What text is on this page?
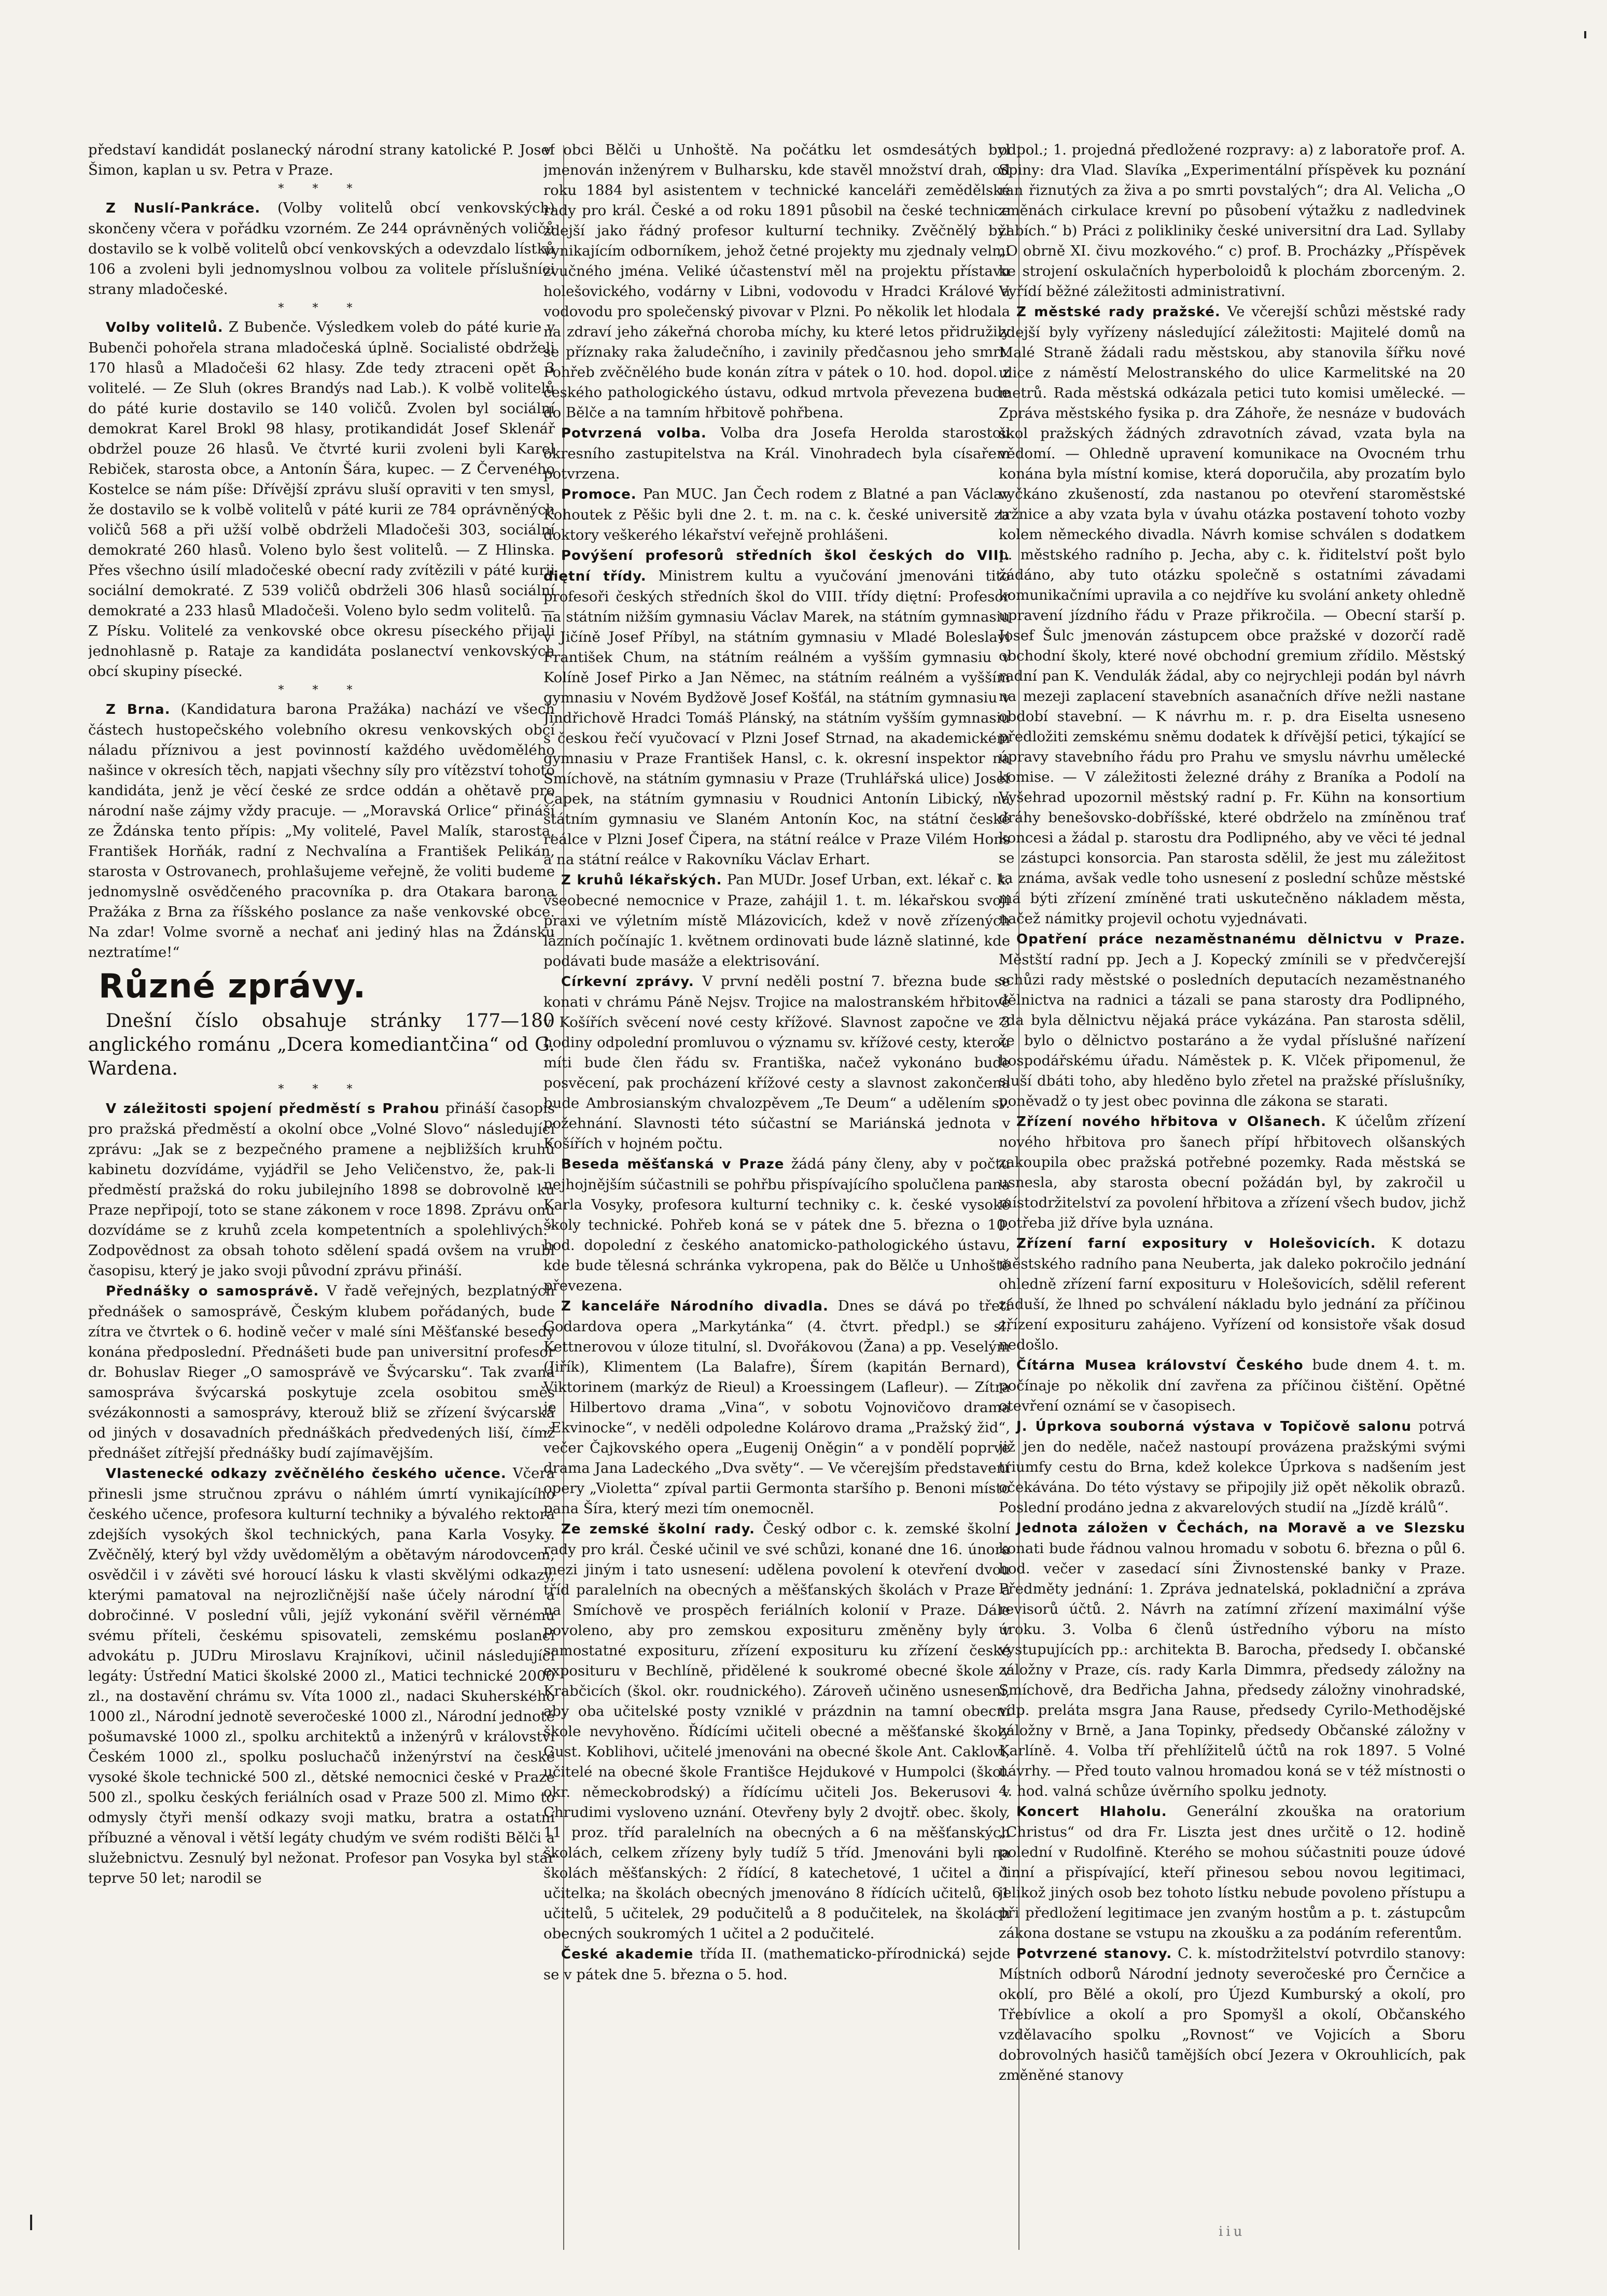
představí kandidát poslanecký národní strany katolické P. Josef Šimon, kaplan u sv. Petra v Praze.

* * *

Z Nuslí-Pankráce. (Volby volitelů obcí venkovských) skončeny včera v pořádku vzorném. Ze 244 oprávněných voličů dostavilo se k volbě volitelů obcí venkovských a odevzdalo lístků 106 a zvoleni byli jednomyslnou volbou za volitele příslušníci strany mladočeské.

* * *

Volby volitelů. Z Bubenče. Výsledkem voleb do páté kurie v Bubenči pohořela strana mladočeská úplně. Socialisté obdrželi 170 hlasů a Mladočeši 62 hlasy. Zde tedy ztraceni opět 3 volitelé. — Ze Sluh (okres Brandýs nad Lab.). K volbě volitelů do páté kurie dostavilo se 140 voličů. Zvolen byl sociální demokrat Karel Brokl 98 hlasy, protikandidát Josef Sklenář obdržel pouze 26 hlasů. Ve čtvrté kurii zvoleni byli Karel Rebiček, starosta obce, a Antonín Šára, kupec. — Z Červeného Kostelce se nám píše: Dřívější zprávu sluší opraviti v ten smysl, že dostavilo se k volbě volitelů v páté kurii ze 784 oprávněných voličů 568 a při užší volbě obdrželi Mladočeši 303, sociální demokraté 260 hlasů. Voleno bylo šest volitelů. — Z Hlinska. Přes všechno úsilí mladočeské obecní rady zvítězili v páté kurii sociální demokraté. Z 539 voličů obdrželi 306 hlasů sociální demokraté a 233 hlasů Mladočeši. Voleno bylo sedm volitelů. — Z Písku. Volitelé za venkovské obce okresu píseckého přijali jednohlasně p. Rataje za kandidáta poslanectví venkovských obcí skupiny písecké.

* * *

Z Brna. (Kandidatura barona Pražáka) nachází ve všech částech hustopečského volebního okresu venkovských obcí náladu příznivou a jest povinností každého uvědomělého našince v okresích těch, napjati všechny síly pro vítězství tohoto kandidáta, jenž je věcí české ze srdce oddán a ohětavě pro národní naše zájmy vždy pracuje. — „Moravská Orlice“ přináší ze Ždánska tento přípis: „My volitelé, Pavel Malík, starosta, František Horňák, radní z Nechvalína a František Pelikán, starosta v Ostrovanech, prohlašujeme veřejně, že voliti budeme jednomyslně osvědčeného pracovníka p. dra Otakara barona Pražáka z Brna za říšského poslance za naše venkovské obce. Na zdar! Volme svorně a nechať ani jediný hlas na Ždánsku neztratíme!“

Různé zprávy.

Dnešní číslo obsahuje stránky 177—180 anglického románu „Dcera komediantčina“ od G. Wardena.

* * *

V záležitosti spojení předměstí s Prahou přináší časopis pro pražská předměstí a okolní obce „Volné Slovo“ následující zprávu: „Jak se z bezpečného pramene a nejbližších kruhů kabinetu dozvídáme, vyjádřil se Jeho Veličenstvo, že, pak-li předměstí pražská do roku jubilejního 1898 se dobrovolně ku Praze nepřipojí, toto se stane zákonem v roce 1898. Zprávu onu dozvídáme se z kruhů zcela kompetentních a spolehlivých.“ Zodpovědnost za obsah tohoto sdělení spadá ovšem na vrubl časopisu, který je jako svoji původní zprávu přináší.

Přednášky o samosprávě. V řadě veřejných, bezplatných přednášek o samosprávě, Českým klubem pořádaných, bude zítra ve čtvrtek o 6. hodině večer v malé síni Měšťanské besedy konána předposlední. Přednášeti bude pan universitní profesor dr. Bohuslav Rieger „O samosprávě ve Švýcarsku“. Tak zvaná samospráva švýcarská poskytuje zcela osobitou směs svézákonnosti a samosprávy, kterouž bliž se zřízení švýcarská od jiných v dosavadních přednáškách předvedených liší, čímž přednášet zítřejší přednášky budí zajímavějším.

Vlastenecké odkazy zvěčnělého českého učence. Včera přinesli jsme stručnou zprávu o náhlém úmrtí vynikajícího českého učence, profesora kulturní techniky a bývalého rektora zdejších vysokých škol technických, pana Karla Vosyky. Zvěčnělý, který byl vždy uvědomělým a obětavým národovcem, osvědčil i v závěti své horoucí lásku k vlasti skvělými odkazy, kterými pamatoval na nejrozličnější naše účely národní a dobročinné. V poslední vůli, jejíž vykonání svěřil věrnému svému příteli, českému spisovateli, zemskému poslanci advokátu p. JUDru Miroslavu Krajníkovi, učinil následující legáty: Ústřední Matici školské 2000 zl., Matici technické 2000 zl., na dostavění chrámu sv. Víta 1000 zl., nadaci Skuherského 1000 zl., Národní jednotě severočeské 1000 zl., Národní jednotě pošumavské 1000 zl., spolku architektů a inženýrů v království Českém 1000 zl., spolku posluchačů inženýrství na české vysoké škole technické 500 zl., dětské nemocnici české v Praze 500 zl., spolku českých feriálních osad v Praze 500 zl. Mimo to odmysly čtyři menší odkazy svoji matku, bratra a ostatní příbuzné a věnoval i větší legáty chudým ve svém rodišti Bělči a služebnictvu. Zesnulý byl nežonat. Profesor pan Vosyka byl stár teprve 50 let; narodil se

v obci Bělči u Unhoště. Na počátku let osmdesátých byl jmenován inženýrem v Bulharsku, kde stavěl množství drah, od roku 1884 byl asistentem v technické kanceláři zemědělské rady pro král. České a od roku 1891 působil na české technice zdejší jako řádný profesor kulturní techniky. Zvěčnělý byl vynikajícím odborníkem, jehož četné projekty mu zjednaly velmi zvučného jména. Veliké účastenství měl na projektu přístavu holešovického, vodárny v Libni, vodovodu v Hradci Králové a vodovodu pro společenský pivovar v Plzni. Po několik let hlodala na zdraví jeho zákeřná choroba míchy, ku které letos přidružily se příznaky raka žaludečního, i zavinily předčasnou jeho smrt. Pohřeb zvěčnělého bude konán zítra v pátek o 10. hod. dopol. z českého pathologického ústavu, odkud mrtvola převezena bude do Bělče a na tamním hřbitově pohřbena.

Potvrzená volba. Volba dra Josefa Herolda starostou okresního zastupitelstva na Král. Vinohradech byla císařem potvrzena.

Promoce. Pan MUC. Jan Čech rodem z Blatné a pan Václav Kohoutek z Pěšic byli dne 2. t. m. na c. k. české universitě za doktory veškerého lékařství veřejně prohlášeni.

Povýšení profesorů středních škol českých do VIII. diętní třídy. Ministrem kultu a vyučování jmenováni tito profesoři českých středních škol do VIII. třídy diętní: Profesor na státním nižším gymnasiu Václav Marek, na státním gymnasiu v Jičíně Josef Příbyl, na státním gymnasiu v Mladé Boleslavi František Chum, na státním reálném a vyšším gymnasiu v Kolíně Josef Pirko a Jan Němec, na státním reálném a vyšším gymnasiu v Novém Bydžově Josef Košťál, na státním gymnasiu v Jindřichově Hradci Tomáš Plánský, na státním vyšším gymnasiu s českou řečí vyučovací v Plzni Josef Strnad, na akademickém gymnasiu v Praze František Hansl, c. k. okresní inspektor na Smíchově, na státním gymnasiu v Praze (Truhlářská ulice) Josef Čapek, na státním gymnasiu v Roudnici Antonín Libický, na státním gymnasiu ve Slaném Antonín Koc, na státní české reálce v Plzni Josef Čipera, na státní reálce v Praze Vilém Hons a na státní reálce v Rakovníku Václav Erhart.

Z kruhů lékařských. Pan MUDr. Josef Urban, ext. lékař c. k. všeobecné nemocnice v Praze, zahájil 1. t. m. lékařskou svoji praxi ve výletním místě Mlázovicích, kdež v nově zřízených lázních počínajíc 1. květnem ordinovati bude lázně slatinné, kde podávati bude masáže a elektrisování.

Církevní zprávy. V první neděli postní 7. března bude se konati v chrámu Páně Nejsv. Trojice na malostranském hřbitově v Košířích svěcení nové cesty křížové. Slavnost započne ve 3 hodiny odpolední promluvou o významu sv. křížové cesty, kterou míti bude člen řádu sv. Františka, načež vykonáno bude posvěcení, pak procházení křížové cesty a slavnost zakončena bude Ambrosianským chvalozpěvem „Te Deum“ a udělením sv. požehnání. Slavnosti této súčastní se Mariánská jednota v Košířích v hojném počtu.

Beseda měšťanská v Praze žádá pány členy, aby v počtu nejhojnějším súčastnili se pohřbu přispívajícího spolučlena pana Karla Vosyky, profesora kulturní techniky c. k. české vysoké školy technické. Pohřeb koná se v pátek dne 5. března o 10. hod. dopolední z českého anatomicko-pathologického ústavu, kde bude tělesná schránka vykropena, pak do Bělče u Unhoště převezena.

Z kanceláře Národního divadla. Dnes se dává po třetí Godardova opera „Markytánka“ (4. čtvrt. předpl.) se sl. Kettnerovou v úloze titulní, sl. Dvořákovou (Žana) a pp. Veselým (Jiřík), Klimentem (La Balafre), Šírem (kapitán Bernard), Viktorinem (markýz de Rieul) a Kroessingem (Lafleur). — Zítra je Hilbertovo drama „Vina“, v sobotu Vojnovičovo drama „Ekvinocke“, v neděli odpoledne Kolárovo drama „Pražský žid“, večer Čajkovského opera „Eugenij Oněgin“ a v pondělí poprve drama Jana Ladeckého „Dva světy“. — Ve včerejším představení opery „Violetta“ zpíval partii Germonta staršího p. Benoni místo pana Šíra, který mezi tím onemocněl.

Ze zemské školní rady. Český odbor c. k. zemské školní rady pro král. České učinil ve své schůzi, konané dne 16. února mezi jiným i tato usnesení: udělena povolení k otevření dvou tříd paralelních na obecných a měšťanských školách v Praze a na Smíchově ve prospěch feriálních kolonií v Praze. Dále povoleno, aby pro zemskou exposituru změněny byly v samostatné exposituru, zřízení exposituru ku zřízení české exposituru v Bechlíně, přidělené k soukromé obecné škole v Krabčicích (škol. okr. roudnického). Zároveň učiněno usnesení, aby oba učitelské posty vzniklé v prázdnin na tamní obecní škole nevyhověno. Řídícími učiteli obecné a měšťanské školy Gust. Koblihovi, učitelé jmenováni na obecné škole Ant. Caklovi, učitelé na obecné škole Františce Hejdukové v Humpolci (škol. okr. německobrodský) a řídícímu učiteli Jos. Bekerusovi v Chrudimi vysloveno uznání. Otevřeny byly 2 dvojtř. obec. školy, 11 proz. tříd paralelních na obecných a 6 na měšťanských školách, celkem zřízeny byly tudíž 5 tříd. Jmenováni byli na školách měšťanských: 2 řídící, 8 katechetové, 1 učitel a 1 učitelka; na školách obecných jmenováno 8 řídících učitelů, 61 učitelů, 5 učitelek, 29 podučitelů a 8 podučitelek, na školách obecných soukromých 1 učitel a 2 podučitelé.

České akademie třída II. (mathematicko-přírodnická) sejde se v pátek dne 5. března o 5. hod.

odpol.; 1. projedná předložené rozpravy: a) z laboratoře prof. A. Spiny: dra Vlad. Slavíka „Experimentální příspěvek ku poznání ran řiznutých za živa a po smrti povstalých“; dra Al. Velicha „O změnách cirkulace krevní po působení výtažku z nadledvinek žabích.“ b) Práci z polikliniky české universitní dra Lad. Syllaby „O obrně XI. čivu mozkového.“ c) prof. B. Procházky „Příspěvek ke strojení oskulačních hyperboloidů k plochám zborceným. 2. Vyřídí běžné záležitosti administrativní.

Z městské rady pražské. Ve včerejší schůzi městské rady zdejší byly vyřízeny následující záležitosti: Majitelé domů na Malé Straně žádali radu městskou, aby stanovila šířku nové ulice z náměstí Melostranského do ulice Karmelitské na 20 metrů. Rada městská odkázala petici tuto komisi umělecké. — Zpráva městského fysika p. dra Záhoře, že nesnáze v budovách škol pražských žádných zdravotních závad, vzata byla na vědomí. — Ohledně upravení komunikace na Ovocném trhu konána byla místní komise, která doporučila, aby prozatím bylo vyčkáno zkušeností, zda nastanou po otevření staroměstské tržnice a aby vzata byla v úvahu otázka postavení tohoto vozby kolem německého divadla. Návrh komise schválen s dodatkem p. městského radního p. Jecha, aby c. k. řiditelství pošt bylo žádáno, aby tuto otázku společně s ostatními závadami komunikačními upravila a co nejdříve ku svolání ankety ohledně upravení jízdního řádu v Praze přikročila. — Obecní starší p. Josef Šulc jmenován zástupcem obce pražské v dozorčí radě obchodní školy, které nové obchodní gremium zřídilo. Městský radní pan K. Vendulák žádal, aby co nejrychleji podán byl návrh na mezeji zaplacení stavebních asanačních dříve nežli nastane období stavební. — K návrhu m. r. p. dra Eiselta usneseno předložiti zemskému sněmu dodatek k dřívější petici, týkající se úpravy stavebního řádu pro Prahu ve smyslu návrhu umělecké komise. — V záležitosti železné dráhy z Braníka a Podolí na Vyšehrad upozornil městský radní p. Fr. Kühn na konsortium dráhy benešovsko-dobříšské, které obdrželo na zmíněnou trať koncesi a žádal p. starostu dra Podlipného, aby ve věci té jednal se zástupci konsorcia. Pan starosta sdělil, že jest mu záležitost ta známa, avšak vedle toho usnesení z poslední schůze městské má býti zřízení zmíněné trati uskutečněno nákladem města, načež námitky projevil ochotu vyjednávati.

Opatření práce nezaměstnanému dělnictvu v Praze. Městští radní pp. Jech a J. Kopecký zmínili se v předvčerejší schůzi rady městské o posledních deputacích nezaměstnaného dělnictva na radnici a tázali se pana starosty dra Podlipného, zda byla dělnictvu nějaká práce vykázána. Pan starosta sdělil, že bylo o dělnictvo postaráno a že vydal příslušné nařízení hospodářskému úřadu. Náměstek p. K. Vlček připomenul, že sluší dbáti toho, aby hleděno bylo zřetel na pražské příslušníky, poněvadž o ty jest obec povinna dle zákona se starati.

Zřízení nového hřbitova v Olšanech. K účelům zřízení nového hřbitova pro šanech přípí hřbitovech olšanských zakoupila obec pražská potřebné pozemky. Rada městská se usnesla, aby starosta obecní požádán byl, by zakročil u místodržitelství za povolení hřbitova a zřízení všech budov, jichž potřeba již dříve byla uznána.

Zřízení farní expositury v Holešovicích. K dotazu městského radního pana Neuberta, jak daleko pokročilo jednání ohledně zřízení farní exposituru v Holešovicích, sdělil referent záduší, že lhned po schválení nákladu bylo jednání za příčinou zřízení exposituru zahájeno. Vyřízení od konsistoře však dosud nedošlo.

Čítárna Musea království Českého bude dnem 4. t. m. počínaje po několik dní zavřena za příčinou čištění. Opětné otevření oznámí se v časopisech.

J. Úprkova souborná výstava v Topičově salonu potrvá již jen do neděle, načež nastoupí provázena pražskými svými triumfy cestu do Brna, kdež kolekce Úprkova s nadšením jest očekávána. Do této výstavy se připojily již opět několik obrazů. Poslední prodáno jedna z akvarelových studií na „Jízdě králů“.

Jednota záložen v Čechách, na Moravě a ve Slezsku konati bude řádnou valnou hromadu v sobotu 6. března o půl 6. hod. večer v zasedací síni Živnostenské banky v Praze. Předměty jednání: 1. Zpráva jednatelská, pokladniční a zpráva revisorů účtů. 2. Návrh na zatímní zřízení maximální výše úroku. 3. Volba 6 členů ústředního výboru na místo vystupujících pp.: architekta B. Barocha, předsedy I. občanské záložny v Praze, cís. rady Karla Dimmra, předsedy záložny na Smíchově, dra Bedřicha Jahna, předsedy záložny vinohradské, vdp. preláta msgra Jana Rause, předsedy Cyrilo-Methodějské záložny v Brně, a Jana Topinky, předsedy Občanské záložny v Karlíně. 4. Volba tří přehlížitelů účtů na rok 1897. 5 Volné návrhy. — Před touto valnou hromadou koná se v též místnosti o 4. hod. valná schůze úvěrního spolku jednoty.

Koncert Hlaholu. Generální zkouška na oratorium „Christus“ od dra Fr. Liszta jest dnes určitě o 12. hodině polední v Rudolfině. Kterého se mohou súčastniti pouze údové činní a přispívající, kteří přinesou sebou novou legitimaci, jelikož jiných osob bez tohoto lístku nebude povoleno přístupu a při předložení legitimace jen zvaným hostům a p. t. zástupcům zákona dostane se vstupu na zkoušku a za podáním referentům.

Potvrzené stanovy. C. k. místodržitelství potvrdilo stanovy: Místních odborů Národní jednoty severočeské pro Černčice a okolí, pro Bělé a okolí, pro Újezd Kumburský a okolí, pro Třebívlice a okolí a pro Spomyšl a okolí, Občanského vzdělavacího spolku „Rovnost“ ve Vojicích a Sboru dobrovolných hasičů tamějších obcí Jezera v Okrouhlicích, pak změněné stanovy

iiu
